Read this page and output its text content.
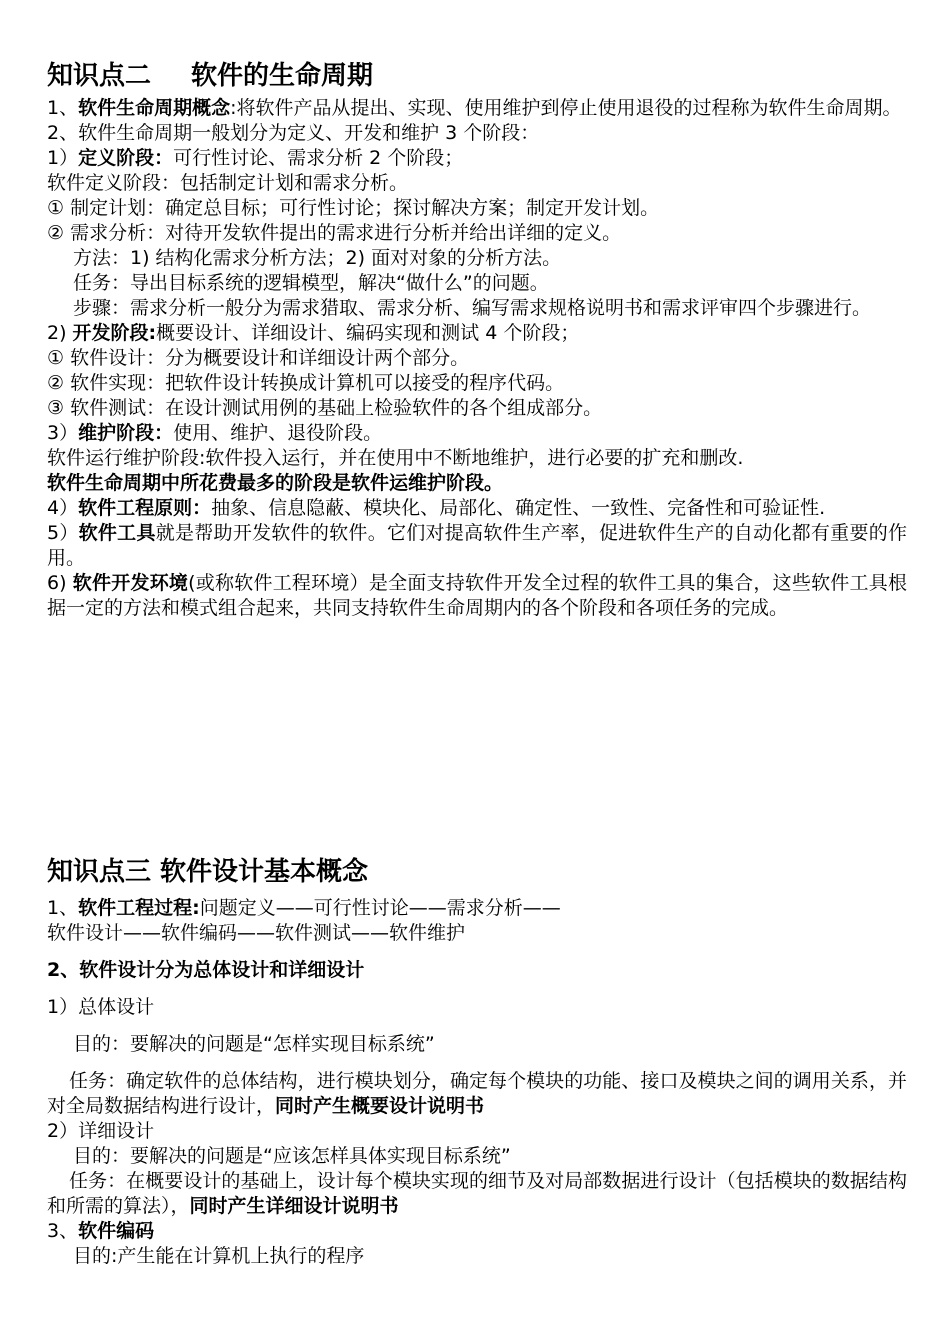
知识点二 软件的生命周期

1、软件生命周期概念:将软件产品从提出、实现、使用维护到停止使用退役的过程称为软件生命周期。

2、软件生命周期一般划分为定义、开发和维护 3 个阶段：

1）定义阶段：可行性讨论、需求分析 2 个阶段；

软件定义阶段：包括制定计划和需求分析。

① 制定计划：确定总目标；可行性讨论；探讨解决方案；制定开发计划。

② 需求分析：对待开发软件提出的需求进行分析并给出详细的定义。

方法：1) 结构化需求分析方法；2) 面对对象的分析方法。

任务：导出目标系统的逻辑模型，解决“做什么”的问题。

步骤：需求分析一般分为需求猎取、需求分析、编写需求规格说明书和需求评审四个步骤进行。

2) 开发阶段:概要设计、详细设计、编码实现和测试 4 个阶段；

① 软件设计：分为概要设计和详细设计两个部分。

② 软件实现：把软件设计转换成计算机可以接受的程序代码。

③ 软件测试：在设计测试用例的基础上检验软件的各个组成部分。

3）维护阶段：使用、维护、退役阶段。

软件运行维护阶段:软件投入运行，并在使用中不断地维护，进行必要的扩充和删改.

软件生命周期中所花费最多的阶段是软件运维护阶段。

4）软件工程原则：抽象、信息隐蔽、模块化、局部化、确定性、一致性、完备性和可验证性.

5）软件工具就是帮助开发软件的软件。它们对提高软件生产率，促进软件生产的自动化都有重要的作用。

6) 软件开发环境(或称软件工程环境）是全面支持软件开发全过程的软件工具的集合，这些软件工具根据一定的方法和模式组合起来，共同支持软件生命周期内的各个阶段和各项任务的完成。

知识点三 软件设计基本概念

1、软件工程过程:问题定义——可行性讨论——需求分析——

软件设计——软件编码——软件测试——软件维护

2、软件设计分为总体设计和详细设计

1）总体设计

目的：要解决的问题是“怎样实现目标系统”

任务：确定软件的总体结构，进行模块划分，确定每个模块的功能、接口及模块之间的调用关系，并对全局数据结构进行设计，同时产生概要设计说明书

2）详细设计

目的：要解决的问题是“应该怎样具体实现目标系统”

任务：在概要设计的基础上，设计每个模块实现的细节及对局部数据进行设计（包括模块的数据结构和所需的算法），同时产生详细设计说明书

3、软件编码

目的:产生能在计算机上执行的程序
